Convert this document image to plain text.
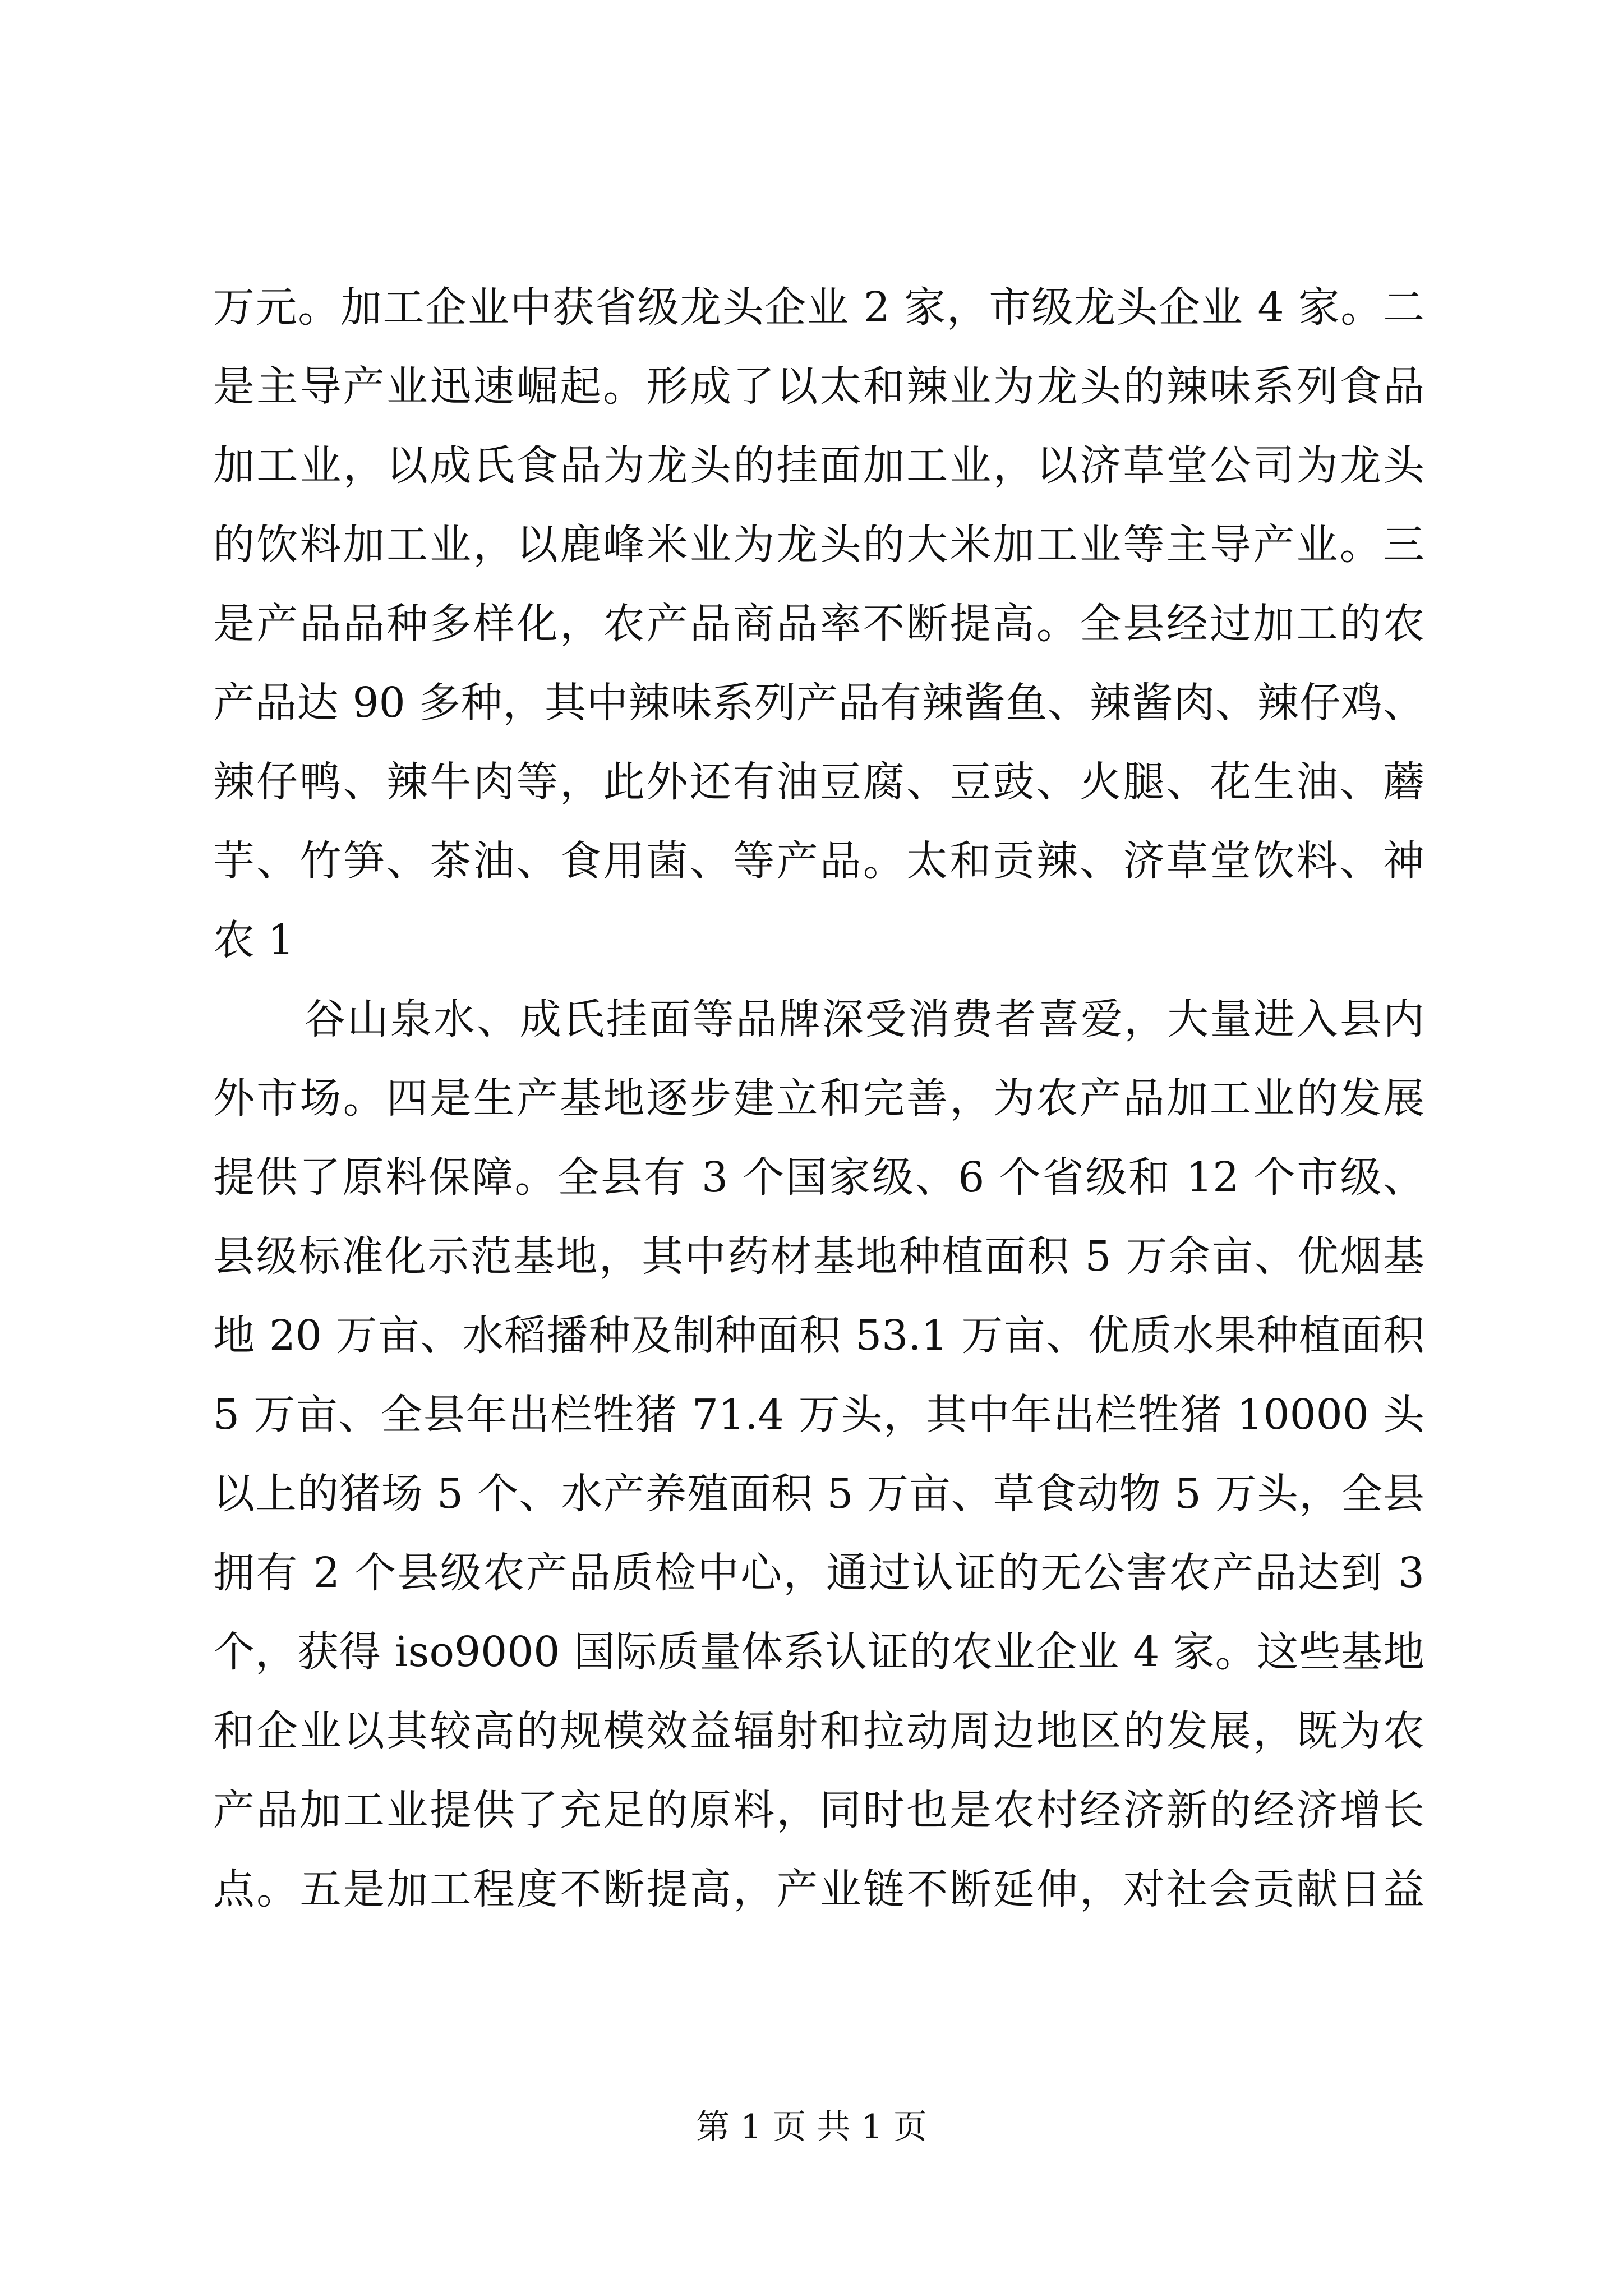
万元。加工企业中获省级龙头企业 2 家，市级龙头企业 4 家。二
是主导产业迅速崛起。形成了以太和辣业为龙头的辣味系列食品
加工业，以成氏食品为龙头的挂面加工业，以济草堂公司为龙头
的饮料加工业，以鹿峰米业为龙头的大米加工业等主导产业。三
是产品品种多样化，农产品商品率不断提高。全县经过加工的农
产品达 90 多种，其中辣味系列产品有辣酱鱼、辣酱肉、辣仔鸡、
辣仔鸭、辣牛肉等，此外还有油豆腐、豆豉、火腿、花生油、蘑
芋、竹笋、茶油、食用菌、等产品。太和贡辣、济草堂饮料、神
农 1
谷山泉水、成氏挂面等品牌深受消费者喜爱，大量进入县内
外市场。四是生产基地逐步建立和完善，为农产品加工业的发展
提供了原料保障。全县有 3 个国家级、6 个省级和 12 个市级、
县级标准化示范基地，其中药材基地种植面积 5 万余亩、优烟基
地 20 万亩、水稻播种及制种面积 53.1 万亩、优质水果种植面积
5 万亩、全县年出栏牲猪 71.4 万头，其中年出栏牲猪 10000 头
以上的猪场 5 个、水产养殖面积 5 万亩、草食动物 5 万头，全县
拥有 2 个县级农产品质检中心，通过认证的无公害农产品达到 3
个，获得 iso9000 国际质量体系认证的农业企业 4 家。这些基地
和企业以其较高的规模效益辐射和拉动周边地区的发展，既为农
产品加工业提供了充足的原料，同时也是农村经济新的经济增长
点。五是加工程度不断提高，产业链不断延伸，对社会贡献日益
第 1 页 共 1 页
